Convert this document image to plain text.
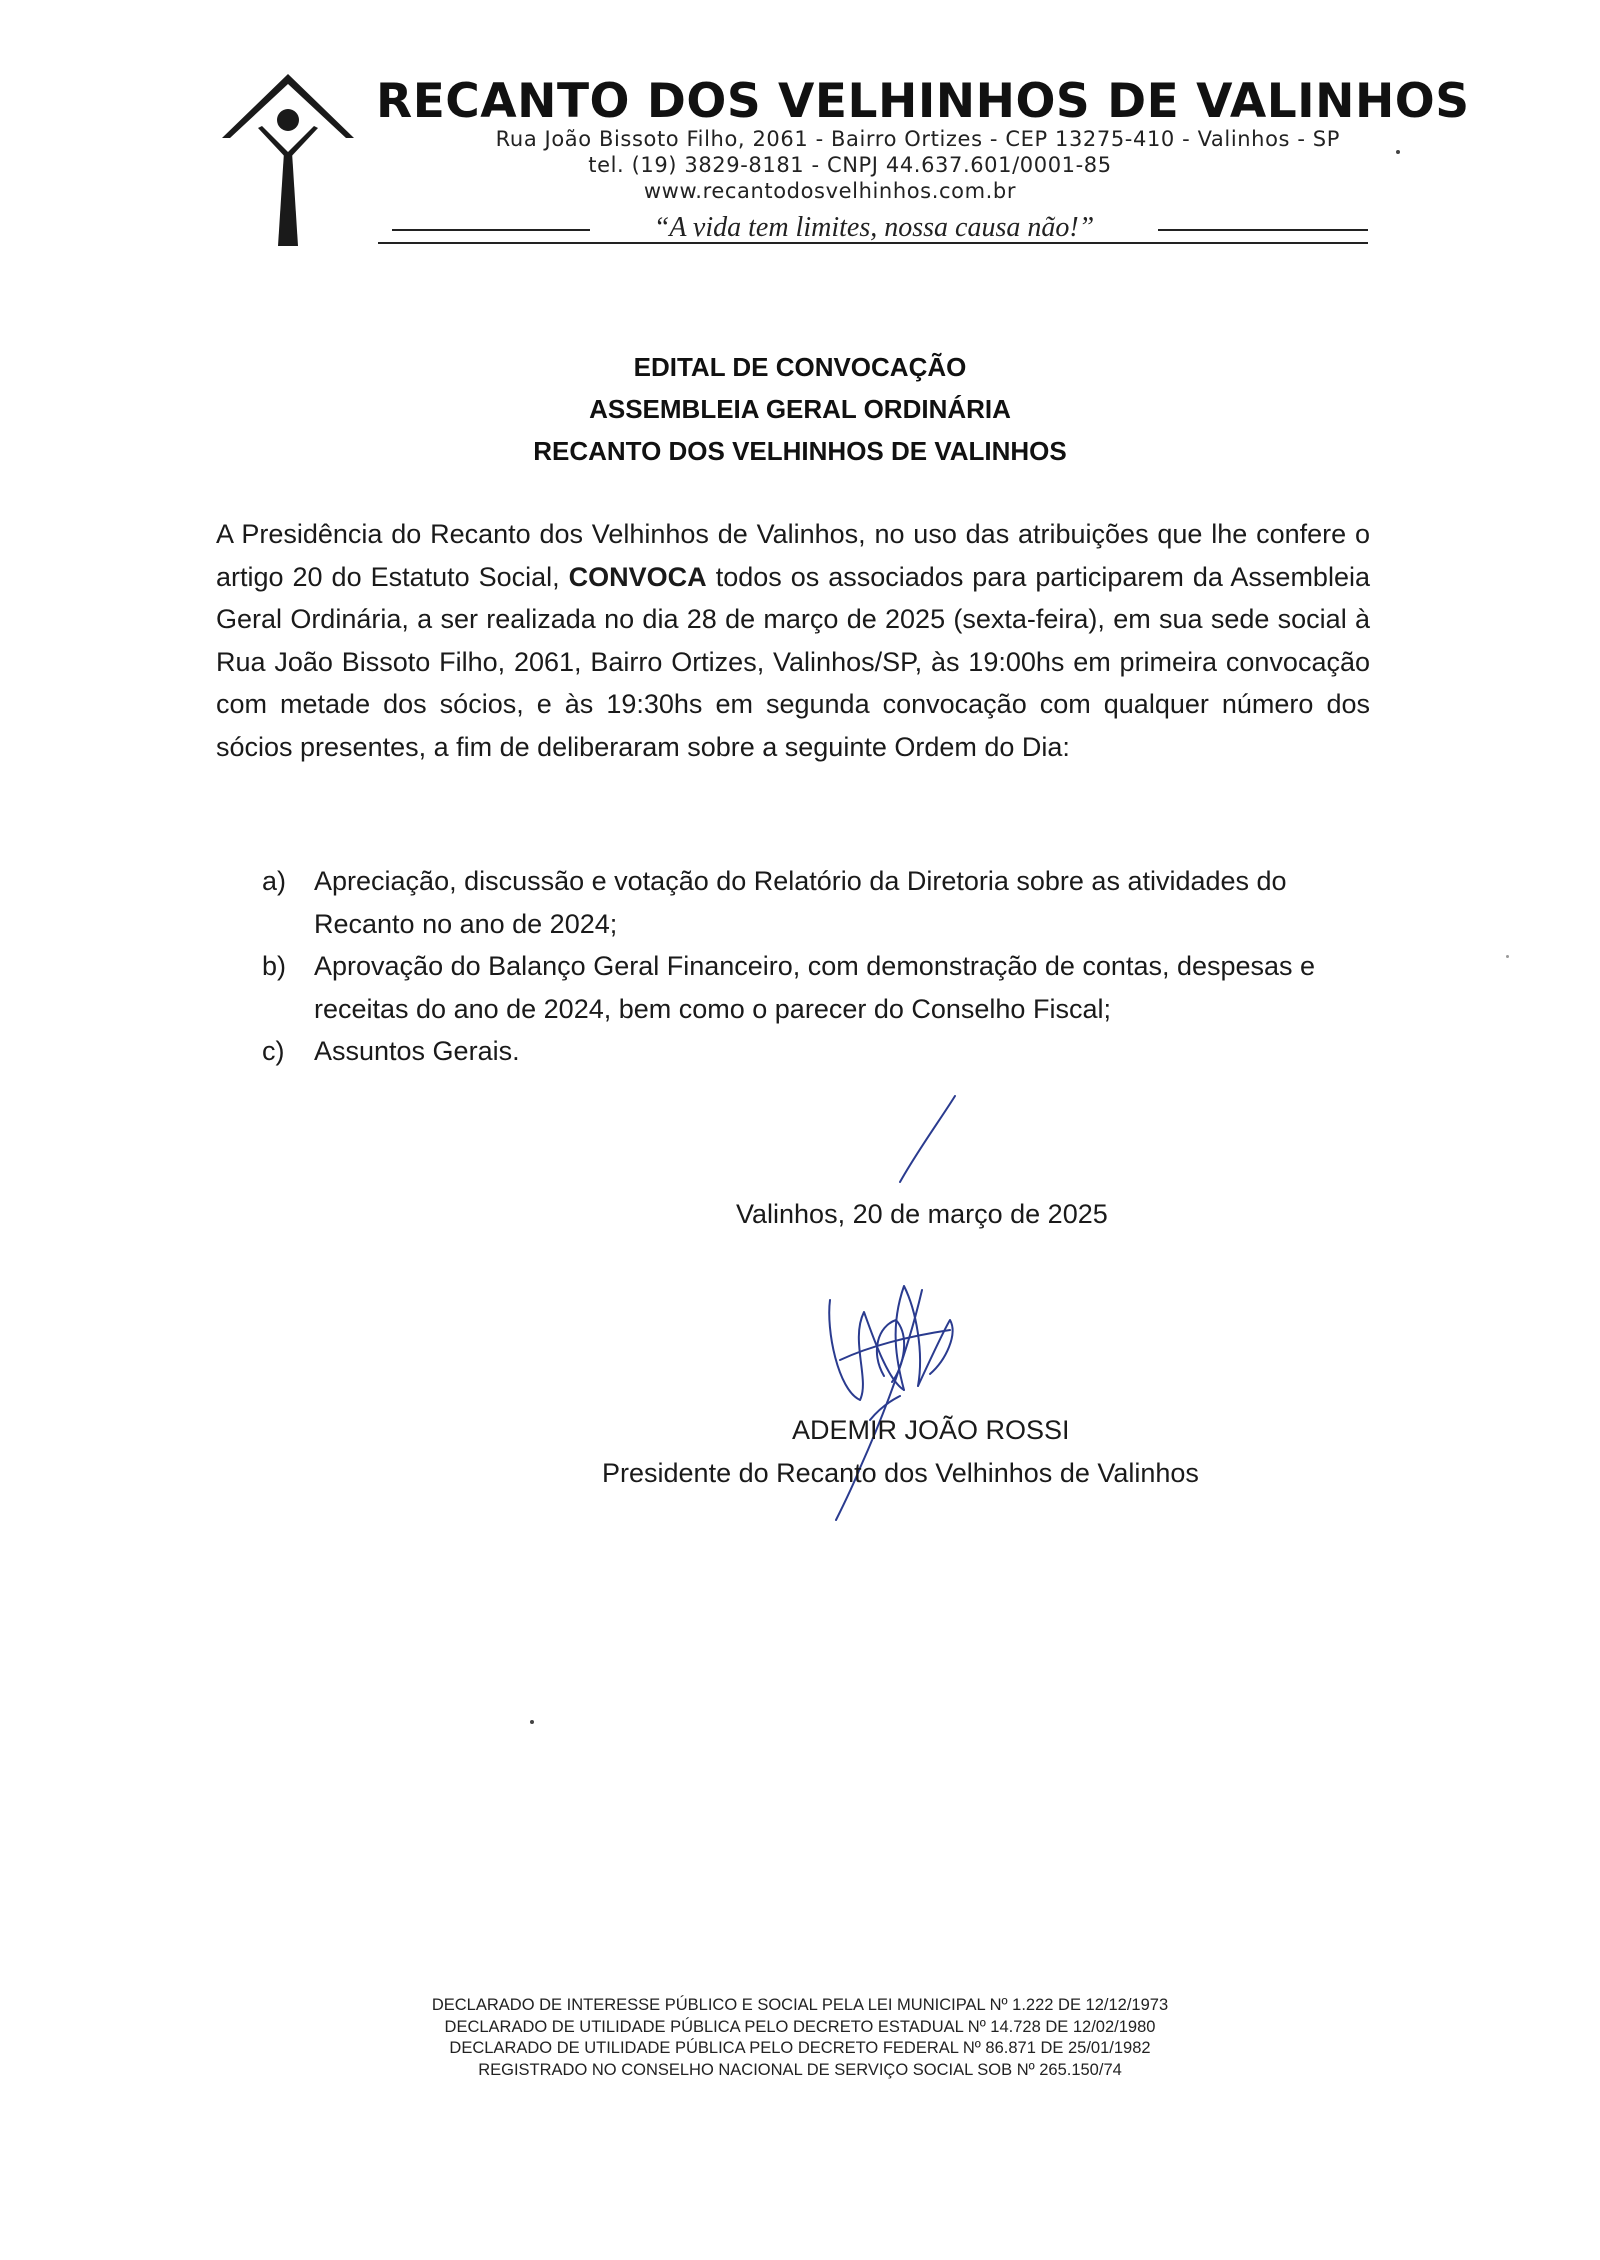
RECANTO DOS VELHINHOS DE VALINHOS
Rua João Bissoto Filho, 2061 - Bairro Ortizes - CEP 13275-410 - Valinhos - SP
tel. (19) 3829-8181 - CNPJ 44.637.601/0001-85
www.recantodosvelhinhos.com.br
“A vida tem limites, nossa causa não!”
EDITAL DE CONVOCAÇÃO
ASSEMBLEIA GERAL ORDINÁRIA
RECANTO DOS VELHINHOS DE VALINHOS
A Presidência do Recanto dos Velhinhos de Valinhos, no uso das atribuições que lhe confere o artigo 20 do Estatuto Social, CONVOCA todos os associados para participarem da Assembleia Geral Ordinária, a ser realizada no dia 28 de março de 2025 (sexta-feira), em sua sede social à Rua João Bissoto Filho, 2061, Bairro Ortizes, Valinhos/SP, às 19:00hs em primeira convocação com metade dos sócios, e às 19:30hs em segunda convocação com qualquer número dos sócios presentes, a fim de deliberaram sobre a seguinte Ordem do Dia:
a) Apreciação, discussão e votação do Relatório da Diretoria sobre as atividades do Recanto no ano de 2024;
b) Aprovação do Balanço Geral Financeiro, com demonstração de contas, despesas e receitas do ano de 2024, bem como o parecer do Conselho Fiscal;
c) Assuntos Gerais.
Valinhos, 20 de março de 2025
ADEMIR JOÃO ROSSI
Presidente do Recanto dos Velhinhos de Valinhos
DECLARADO DE INTERESSE PÚBLICO E SOCIAL PELA LEI MUNICIPAL Nº 1.222 DE 12/12/1973
DECLARADO DE UTILIDADE PÚBLICA PELO DECRETO ESTADUAL Nº 14.728 DE 12/02/1980
DECLARADO DE UTILIDADE PÚBLICA PELO DECRETO FEDERAL Nº 86.871 DE 25/01/1982
REGISTRADO NO CONSELHO NACIONAL DE SERVIÇO SOCIAL SOB Nº 265.150/74
